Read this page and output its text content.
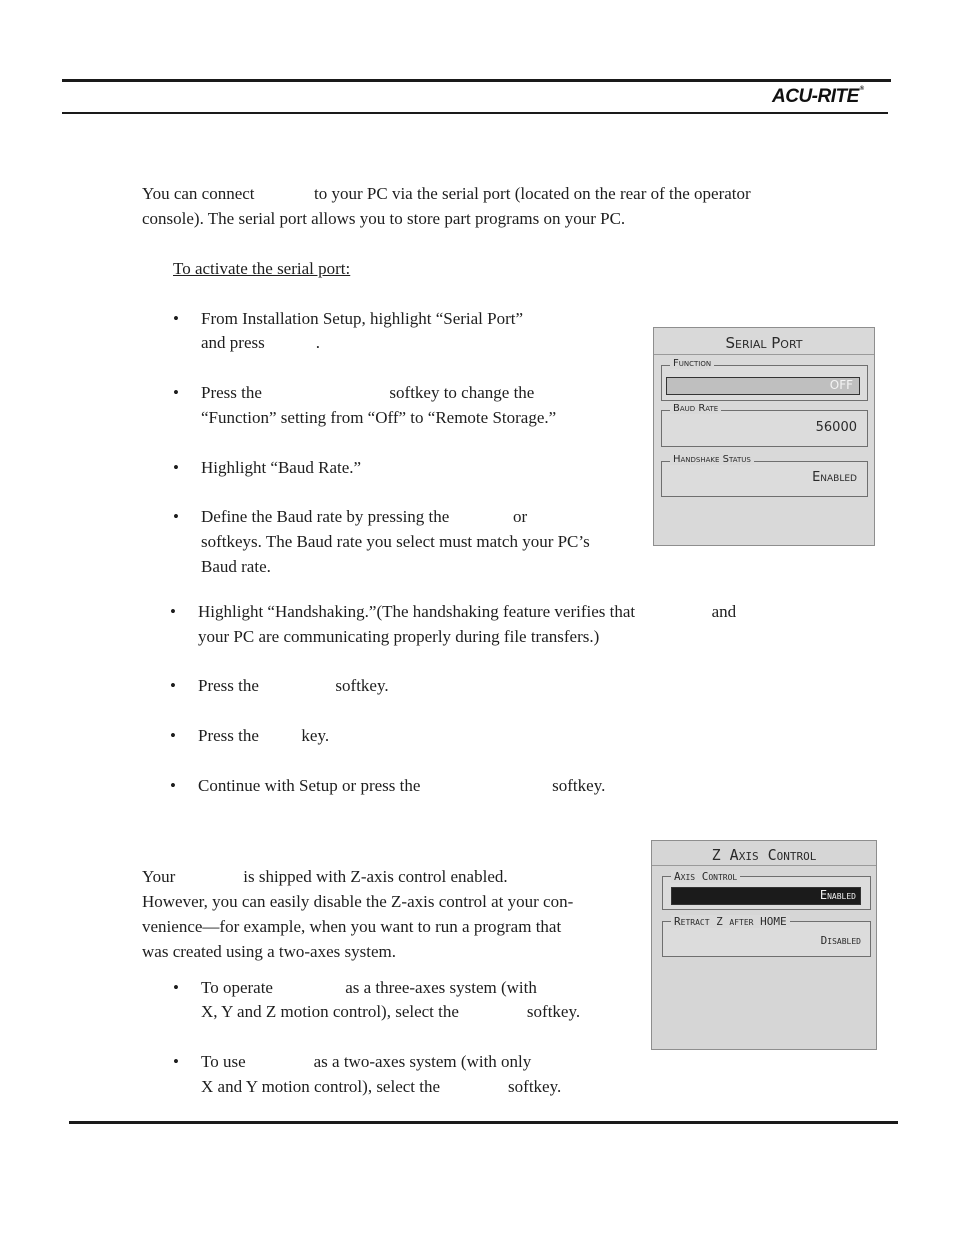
ACU-RITE®
You can connect              to your PC via the serial port (located on the rear of the operator
console). The serial port allows you to store part programs on your PC.
To activate the serial port:
• From Installation Setup, highlight “Serial Port”
and press            .
• Press the                              softkey to change the
“Function” setting from “Off” to “Remote Storage.”
• Highlight “Baud Rate.”
• Define the Baud rate by pressing the               or
softkeys. The Baud rate you select must match your PC’s
Baud rate.
• Highlight “Handshaking.”(The handshaking feature verifies that                  and
your PC are communicating properly during file transfers.)
• Press the                  softkey.
• Press the          key.
• Continue with Setup or press the                               softkey.
Serial Port
Function
OFF
Baud Rate
56000
Handshake Status
Enabled
Your                is shipped with Z-axis control enabled.
However, you can easily disable the Z-axis control at your con-
venience—for example, when you want to run a program that
was created using a two-axes system.
• To operate                 as a three-axes system (with
X, Y and Z motion control), select the                softkey.
• To use                as a two-axes system (with only
X and Y motion control), select the                softkey.
Z Axis Control
Axis Control
Enabled
Retract Z after HOME
Disabled
